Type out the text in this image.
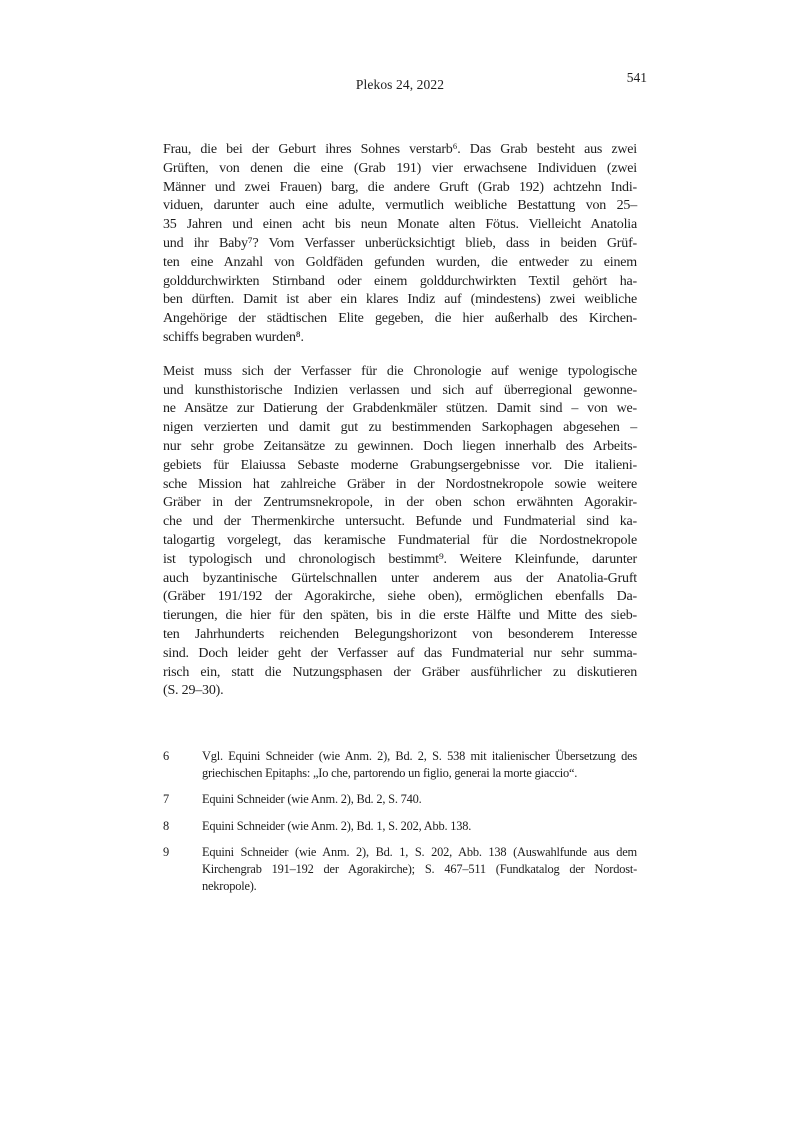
Plekos 24, 2022	541
Frau, die bei der Geburt ihres Sohnes verstarb⁶. Das Grab besteht aus zwei
Grüften, von denen die eine (Grab 191) vier erwachsene Individuen (zwei
Männer und zwei Frauen) barg, die andere Gruft (Grab 192) achtzehn Indi-
viduen, darunter auch eine adulte, vermutlich weibliche Bestattung von 25–
35 Jahren und einen acht bis neun Monate alten Fötus. Vielleicht Anatolia
und ihr Baby⁷? Vom Verfasser unberücksichtigt blieb, dass in beiden Grüf-
ten eine Anzahl von Goldfäden gefunden wurden, die entweder zu einem
golddurchwirkten Stirnband oder einem golddurchwirkten Textil gehört ha-
ben dürften. Damit ist aber ein klares Indiz auf (mindestens) zwei weibliche
Angehörige der städtischen Elite gegeben, die hier außerhalb des Kirchen-
schiffs begraben wurden⁸.
Meist muss sich der Verfasser für die Chronologie auf wenige typologische
und kunsthistorische Indizien verlassen und sich auf überregional gewonne-
ne Ansätze zur Datierung der Grabdenkmäler stützen. Damit sind – von we-
nigen verzierten und damit gut zu bestimmenden Sarkophagen abgesehen –
nur sehr grobe Zeitansätze zu gewinnen. Doch liegen innerhalb des Arbeits-
gebiets für Elaiussa Sebaste moderne Grabungsergebnisse vor. Die italieni-
sche Mission hat zahlreiche Gräber in der Nordostnekropole sowie weitere
Gräber in der Zentrumsnekropole, in der oben schon erwähnten Agorakir-
che und der Thermenkirche untersucht. Befunde und Fundmaterial sind ka-
talogartig vorgelegt, das keramische Fundmaterial für die Nordostnekropole
ist typologisch und chronologisch bestimmt⁹. Weitere Kleinfunde, darunter
auch byzantinische Gürtelschnallen unter anderem aus der Anatolia-Gruft
(Gräber 191/192 der Agorakirche, siehe oben), ermöglichen ebenfalls Da-
tierungen, die hier für den späten, bis in die erste Hälfte und Mitte des sieb-
ten Jahrhunderts reichenden Belegungshorizont von besonderem Interesse
sind. Doch leider geht der Verfasser auf das Fundmaterial nur sehr summa-
risch ein, statt die Nutzungsphasen der Gräber ausführlicher zu diskutieren
(S. 29–30).
6	Vgl. Equini Schneider (wie Anm. 2), Bd. 2, S. 538 mit italienischer Übersetzung des
griechischen Epitaphs: „Io che, partorendo un figlio, generai la morte giaccio“.
7	Equini Schneider (wie Anm. 2), Bd. 2, S. 740.
8	Equini Schneider (wie Anm. 2), Bd. 1, S. 202, Abb. 138.
9	Equini Schneider (wie Anm. 2), Bd. 1, S. 202, Abb. 138 (Auswahlfunde aus dem
Kirchengrab 191–192 der Agorakirche); S. 467–511 (Fundkatalog der Nordost-
nekropole).
